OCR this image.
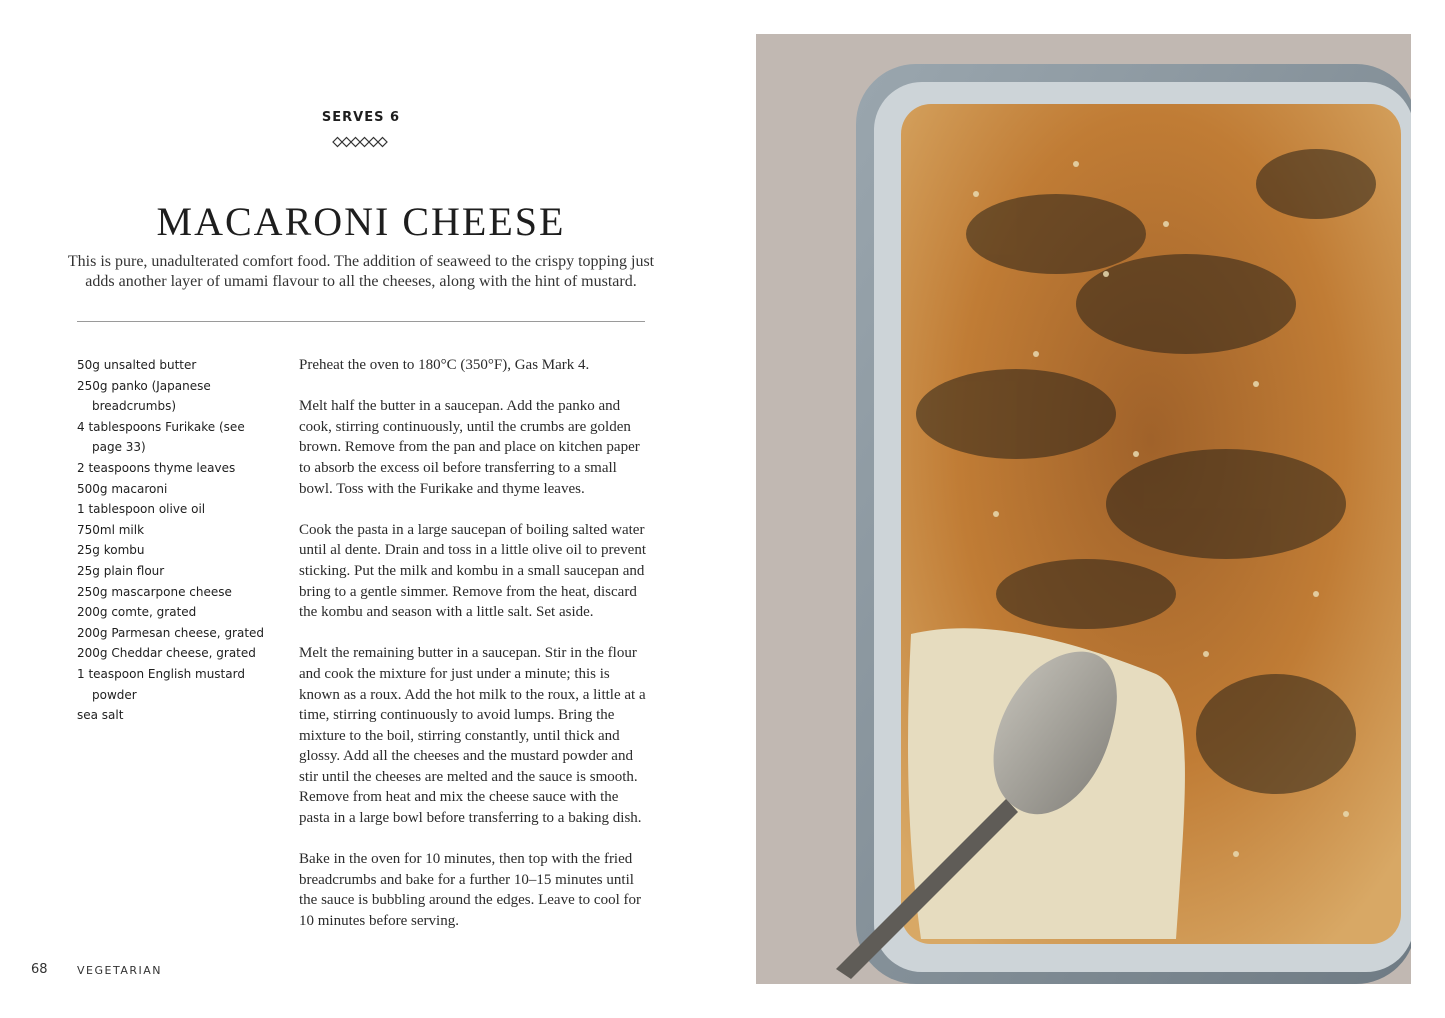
SERVES 6
MACARONI CHEESE

This is pure, unadulterated comfort food. The addition of seaweed to the crispy topping just adds another layer of umami flavour to all the cheeses, along with the hint of mustard.

50g unsalted butter
250g panko (Japanese breadcrumbs)
4 tablespoons Furikake (see page 33)
2 teaspoons thyme leaves
500g macaroni
1 tablespoon olive oil
750ml milk
25g kombu
25g plain flour
250g mascarpone cheese
200g comte, grated
200g Parmesan cheese, grated
200g Cheddar cheese, grated
1 teaspoon English mustard powder
sea salt

Preheat the oven to 180°C (350°F), Gas Mark 4.

Melt half the butter in a saucepan. Add the panko and cook, stirring continuously, until the crumbs are golden brown. Remove from the pan and place on kitchen paper to absorb the excess oil before transferring to a small bowl. Toss with the Furikake and thyme leaves.

Cook the pasta in a large saucepan of boiling salted water until al dente. Drain and toss in a little olive oil to prevent sticking. Put the milk and kombu in a small saucepan and bring to a gentle simmer. Remove from the heat, discard the kombu and season with a little salt. Set aside.

Melt the remaining butter in a saucepan. Stir in the flour and cook the mixture for just under a minute; this is known as a roux. Add the hot milk to the roux, a little at a time, stirring continuously to avoid lumps. Bring the mixture to the boil, stirring constantly, until thick and glossy. Add all the cheeses and the mustard powder and stir until the cheeses are melted and the sauce is smooth. Remove from heat and mix the cheese sauce with the pasta in a large bowl before transferring to a baking dish.

Bake in the oven for 10 minutes, then top with the fried breadcrumbs and bake for a further 10–15 minutes until the sauce is bubbling around the edges. Leave to cool for 10 minutes before serving.

68	VEGETARIAN
